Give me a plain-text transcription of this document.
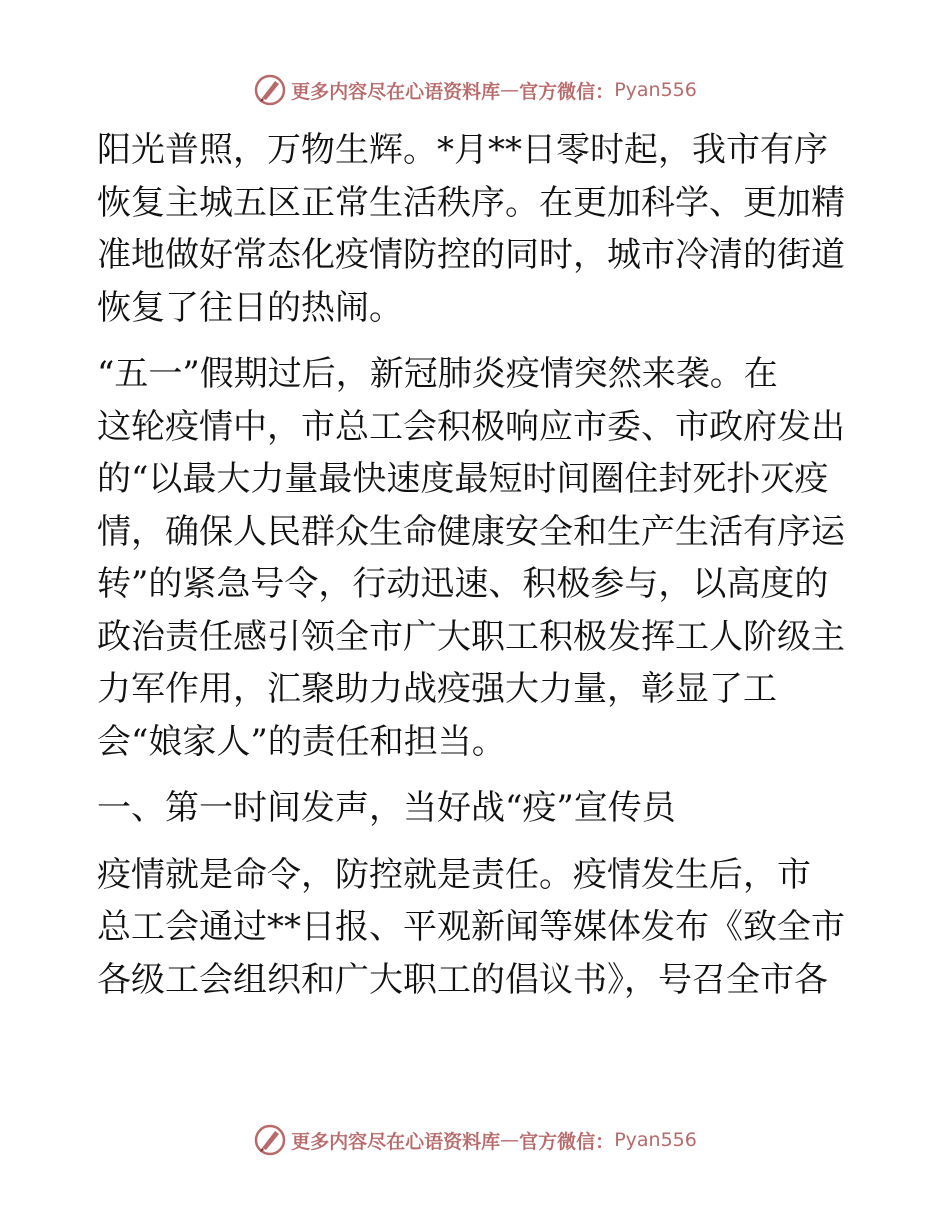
更多内容尽在心语资料库 — 官方微信： Pyan556
阳光普照，万物生辉。*月**日零时起，我市有序
恢复主城五区正常生活秩序。在更加科学、更加精
准地做好常态化疫情防控的同时，城市冷清的街道
恢复了往日的热闹。
“五一”假期过后，新冠肺炎疫情突然来袭。在
这轮疫情中，市总工会积极响应市委、市政府发出
的“以最大力量最快速度最短时间圈住封死扑灭疫
情，确保人民群众生命健康安全和生产生活有序运
转”的紧急号令，行动迅速、积极参与，以高度的
政治责任感引领全市广大职工积极发挥工人阶级主
力军作用，汇聚助力战疫强大力量，彰显了工
会“娘家人”的责任和担当。
一、第一时间发声，当好战“疫”宣传员
疫情就是命令，防控就是责任。疫情发生后，市
总工会通过**日报、平观新闻等媒体发布《致全市
各级工会组织和广大职工的倡议书》，号召全市各
更多内容尽在心语资料库 — 官方微信： Pyan556
